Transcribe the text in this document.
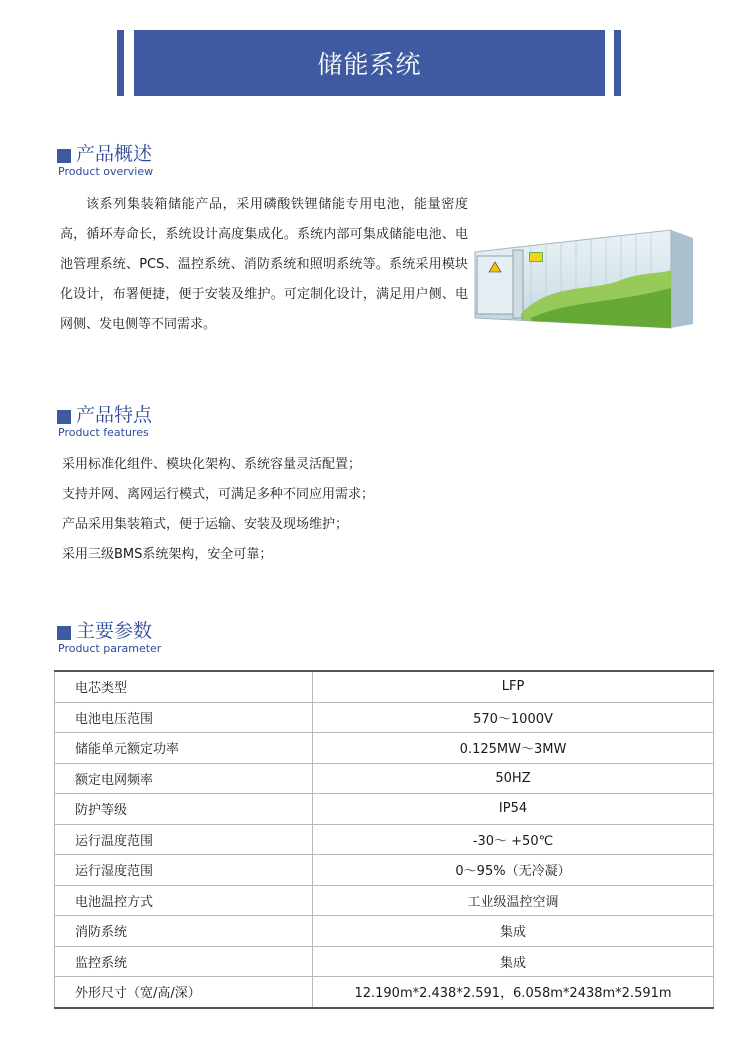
储能系统
产品概述
Product overview

该系列集装箱储能产品，采用磷酸铁锂储能专用电池，能量密度高，循环寿命长，系统设计高度集成化。系统内部可集成储能电池、电池管理系统、PCS、温控系统、消防系统和照明系统等。系统采用模块化设计，布署便捷，便于安装及维护。可定制化设计，满足用户侧、电网侧、发电侧等不同需求。

产品特点
Product features
采用标准化组件、模块化架构、系统容量灵活配置；
支持并网、离网运行模式，可满足多种不同应用需求；
产品采用集装箱式，便于运输、安装及现场维护；
采用三级BMS系统架构，安全可靠；
主要参数
Product parameter
电芯类型	LFP
电池电压范围	570～1000V
储能单元额定功率	0.125MW～3MW
额定电网频率	50HZ
防护等级	IP54
运行温度范围	-30～ +50℃
运行湿度范围	0～95%（无冷凝）
电池温控方式	工业级温控空调
消防系统	集成
监控系统	集成
外形尺寸（宽/高/深）	12.190m*2.438*2.591，6.058m*2438m*2.591m
